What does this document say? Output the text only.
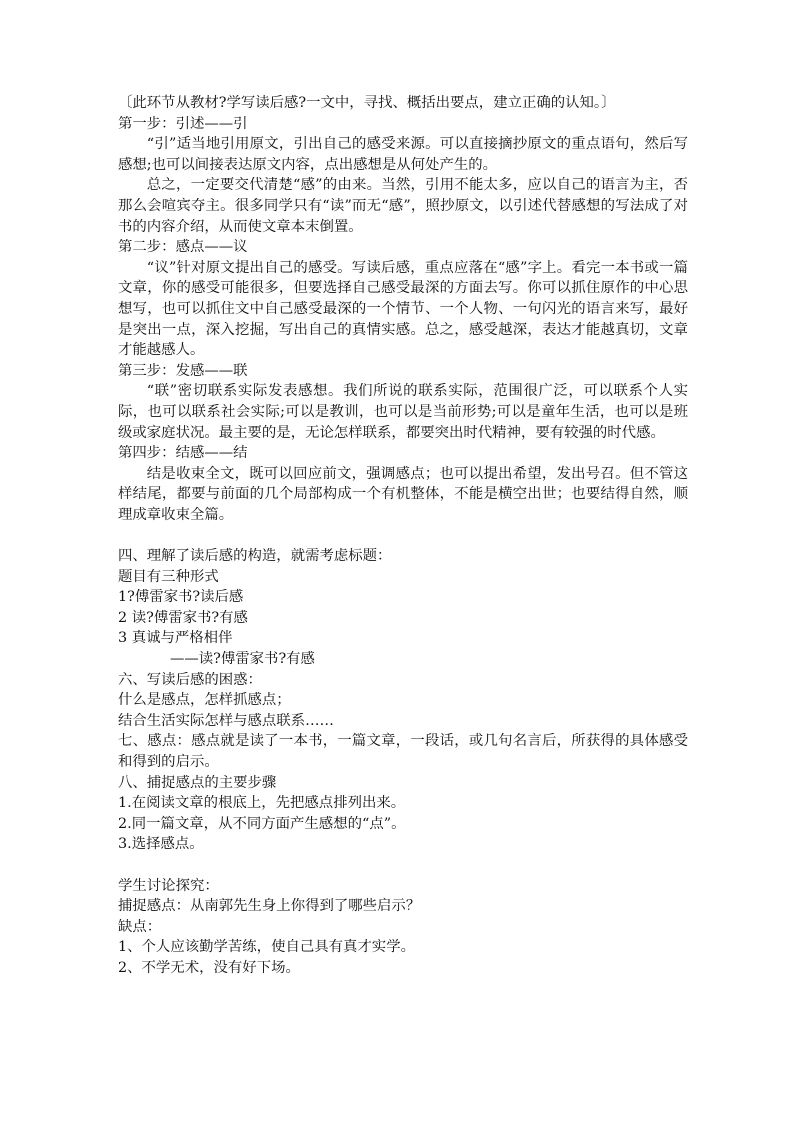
〔此环节从教材?学写读后感?一文中，寻找、概括出要点，建立正确的认知。〕
第一步：引述——引
“引”适当地引用原文，引出自己的感受来源。可以直接摘抄原文的重点语句，然后写感想;也可以间接表达原文内容，点出感想是从何处产生的。
总之，一定要交代清楚“感”的由来。当然，引用不能太多，应以自己的语言为主，否那么会喧宾夺主。很多同学只有“读”而无“感”，照抄原文，以引述代替感想的写法成了对书的内容介绍，从而使文章本末倒置。
第二步：感点——议
“议”针对原文提出自己的感受。写读后感，重点应落在“感”字上。看完一本书或一篇文章，你的感受可能很多，但要选择自己感受最深的方面去写。你可以抓住原作的中心思想写，也可以抓住文中自己感受最深的一个情节、一个人物、一句闪光的语言来写，最好是突出一点，深入挖掘，写出自己的真情实感。总之，感受越深，表达才能越真切，文章才能越感人。
第三步：发感——联
“联”密切联系实际发表感想。我们所说的联系实际，范围很广泛，可以联系个人实际，也可以联系社会实际;可以是教训，也可以是当前形势;可以是童年生活，也可以是班级或家庭状况。最主要的是，无论怎样联系，都要突出时代精神，要有较强的时代感。
第四步：结感——结
结是收束全文，既可以回应前文，强调感点；也可以提出希望，发出号召。但不管这样结尾，都要与前面的几个局部构成一个有机整体，不能是横空出世；也要结得自然，顺理成章收束全篇。
四、理解了读后感的构造，就需考虑标题：
题目有三种形式
1?傅雷家书?读后感
2 读?傅雷家书?有感
3 真诚与严格相伴
——读?傅雷家书?有感
六、写读后感的困惑：
什么是感点，怎样抓感点；
结合生活实际怎样与感点联系……
七、感点：感点就是读了一本书，一篇文章，一段话，或几句名言后，所获得的具体感受和得到的启示。
八、捕捉感点的主要步骤
1.在阅读文章的根底上，先把感点排列出来。
2.同一篇文章，从不同方面产生感想的“点”。
3.选择感点。
学生讨论探究：
捕捉感点：从南郭先生身上你得到了哪些启示？
缺点：
1、个人应该勤学苦练，使自己具有真才实学。
2、不学无术，没有好下场。
